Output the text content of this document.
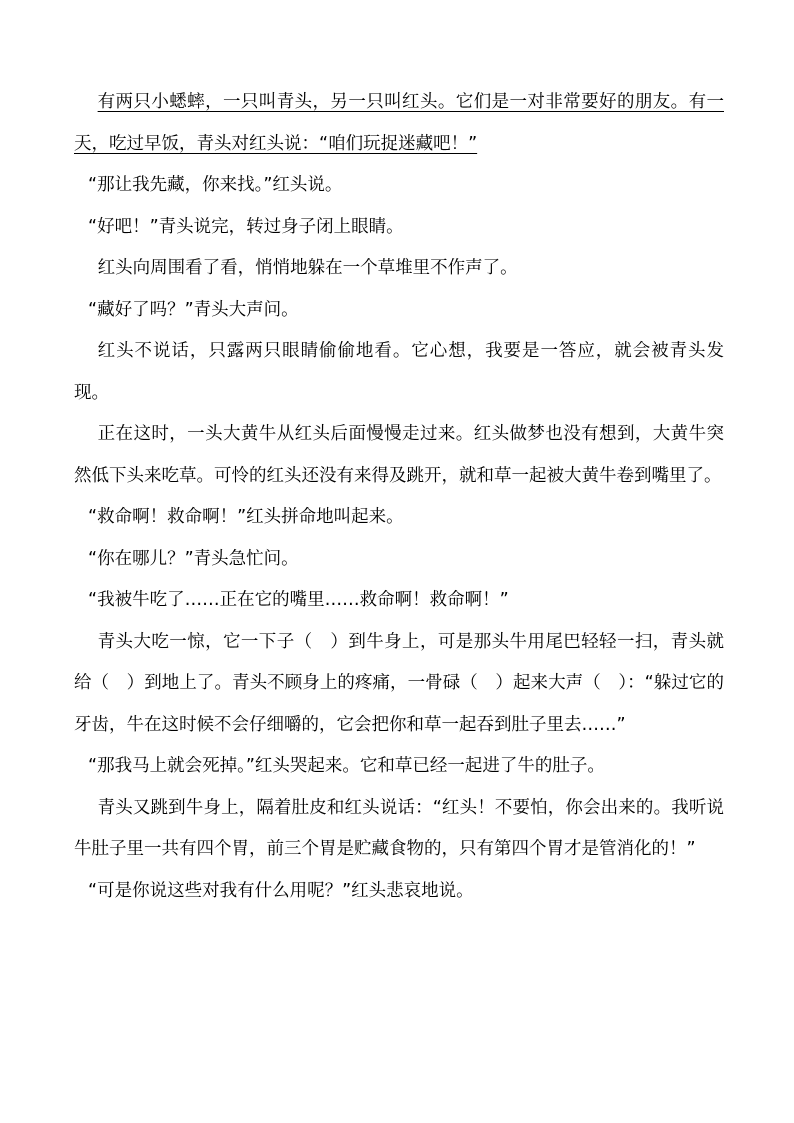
有两只小蟋蟀，一只叫青头，另一只叫红头。它们是一对非常要好的朋友。有一天，吃过早饭，青头对红头说：“咱们玩捉迷藏吧！”

“那让我先藏，你来找。”红头说。

“好吧！”青头说完，转过身子闭上眼睛。

红头向周围看了看，悄悄地躲在一个草堆里不作声了。

“藏好了吗？”青头大声问。

红头不说话，只露两只眼睛偷偷地看。它心想，我要是一答应，就会被青头发现。

正在这时，一头大黄牛从红头后面慢慢走过来。红头做梦也没有想到，大黄牛突然低下头来吃草。可怜的红头还没有来得及跳开，就和草一起被大黄牛卷到嘴里了。

“救命啊！救命啊！”红头拼命地叫起来。

“你在哪儿？”青头急忙问。

“我被牛吃了……正在它的嘴里……救命啊！救命啊！”

青头大吃一惊，它一下子（　）到牛身上，可是那头牛用尾巴轻轻一扫，青头就给（　）到地上了。青头不顾身上的疼痛，一骨碌（　）起来大声（　）：“躲过它的牙齿，牛在这时候不会仔细嚼的，它会把你和草一起吞到肚子里去……”

“那我马上就会死掉。”红头哭起来。它和草已经一起进了牛的肚子。

青头又跳到牛身上，隔着肚皮和红头说话：“红头！不要怕，你会出来的。我听说牛肚子里一共有四个胃，前三个胃是贮藏食物的，只有第四个胃才是管消化的！”

“可是你说这些对我有什么用呢？”红头悲哀地说。
